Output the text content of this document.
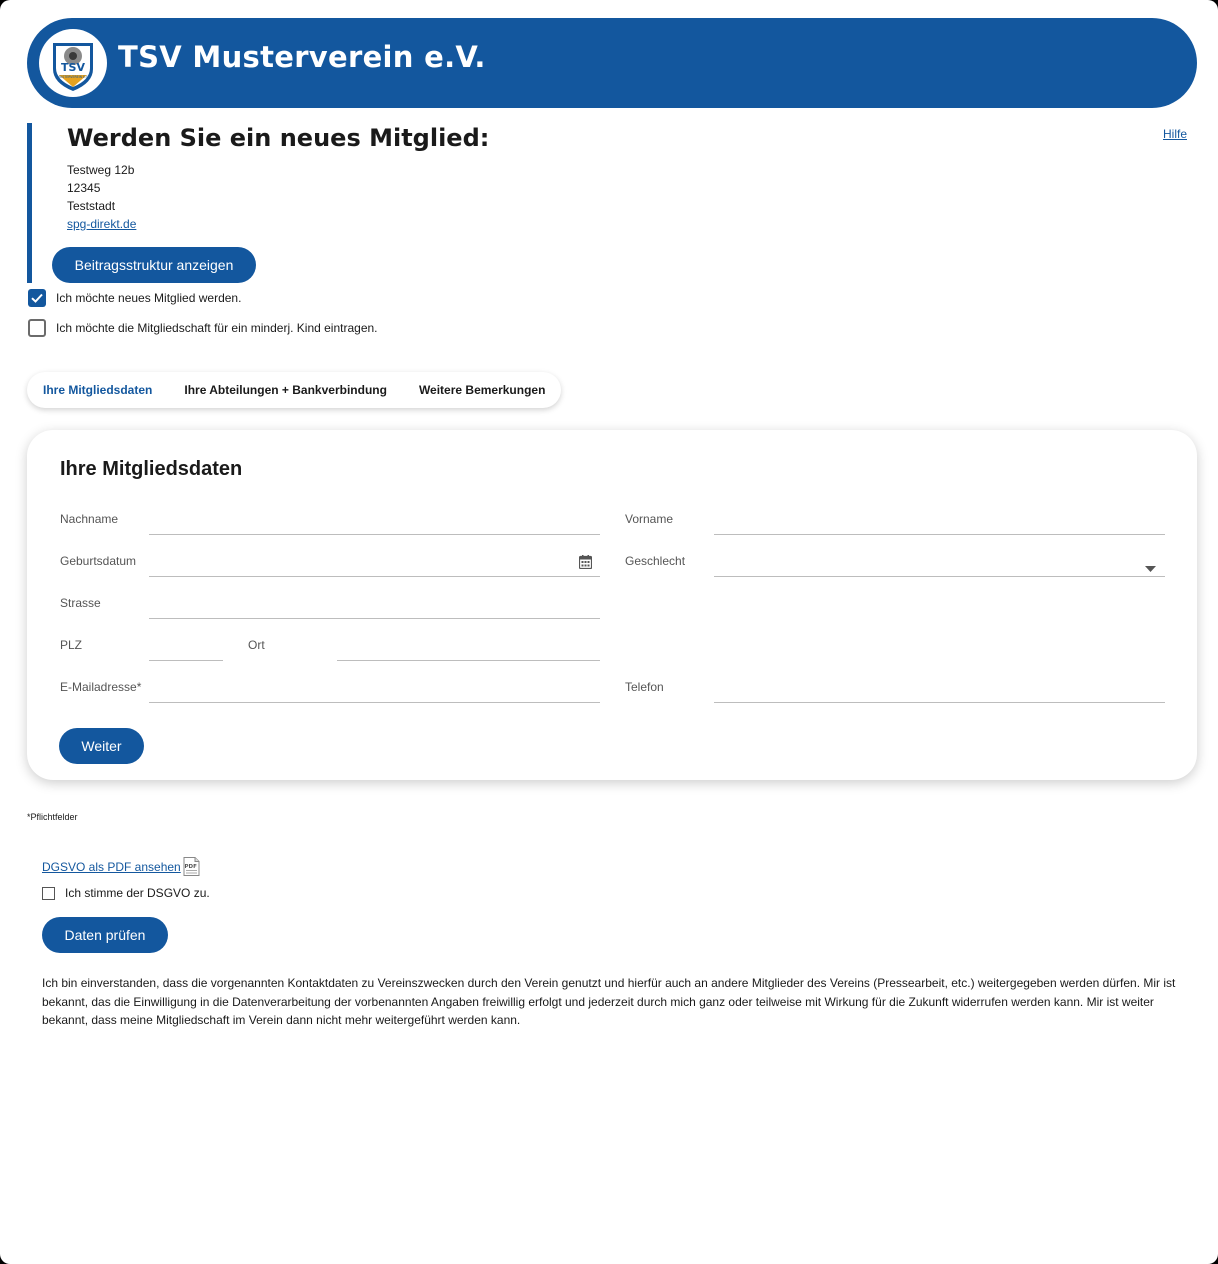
TSV
MUSTERVEREIN E.V.
TSV Musterverein e.V.
Werden Sie ein neues Mitglied:	Hilfe
Testweg 12b
12345
Teststadt
spg-direkt.de
Beitragsstruktur anzeigen
Ich möchte neues Mitglied werden.
Ich möchte die Mitgliedschaft für ein minderj. Kind eintragen.
Ihre Mitgliedsdaten	Ihre Abteilungen + Bankverbindung	Weitere Bemerkungen
Ihre Mitgliedsdaten
Nachname	Vorname
Geburtsdatum	Geschlecht
Strasse
PLZ	Ort
E-Mailadresse*	Telefon
Weiter
*Pflichtfelder
DGSVO als PDF ansehen PDF
Ich stimme der DSGVO zu.
Daten prüfen
Ich bin einverstanden, dass die vorgenannten Kontaktdaten zu Vereinszwecken durch den Verein genutzt und hierfür auch an andere Mitglieder des Vereins (Pressearbeit, etc.) weitergegeben werden dürfen. Mir ist bekannt, das die Einwilligung in die Datenverarbeitung der vorbenannten Angaben freiwillig erfolgt und jederzeit durch mich ganz oder teilweise mit Wirkung für die Zukunft widerrufen werden kann. Mir ist weiter bekannt, dass meine Mitgliedschaft im Verein dann nicht mehr weitergeführt werden kann.
